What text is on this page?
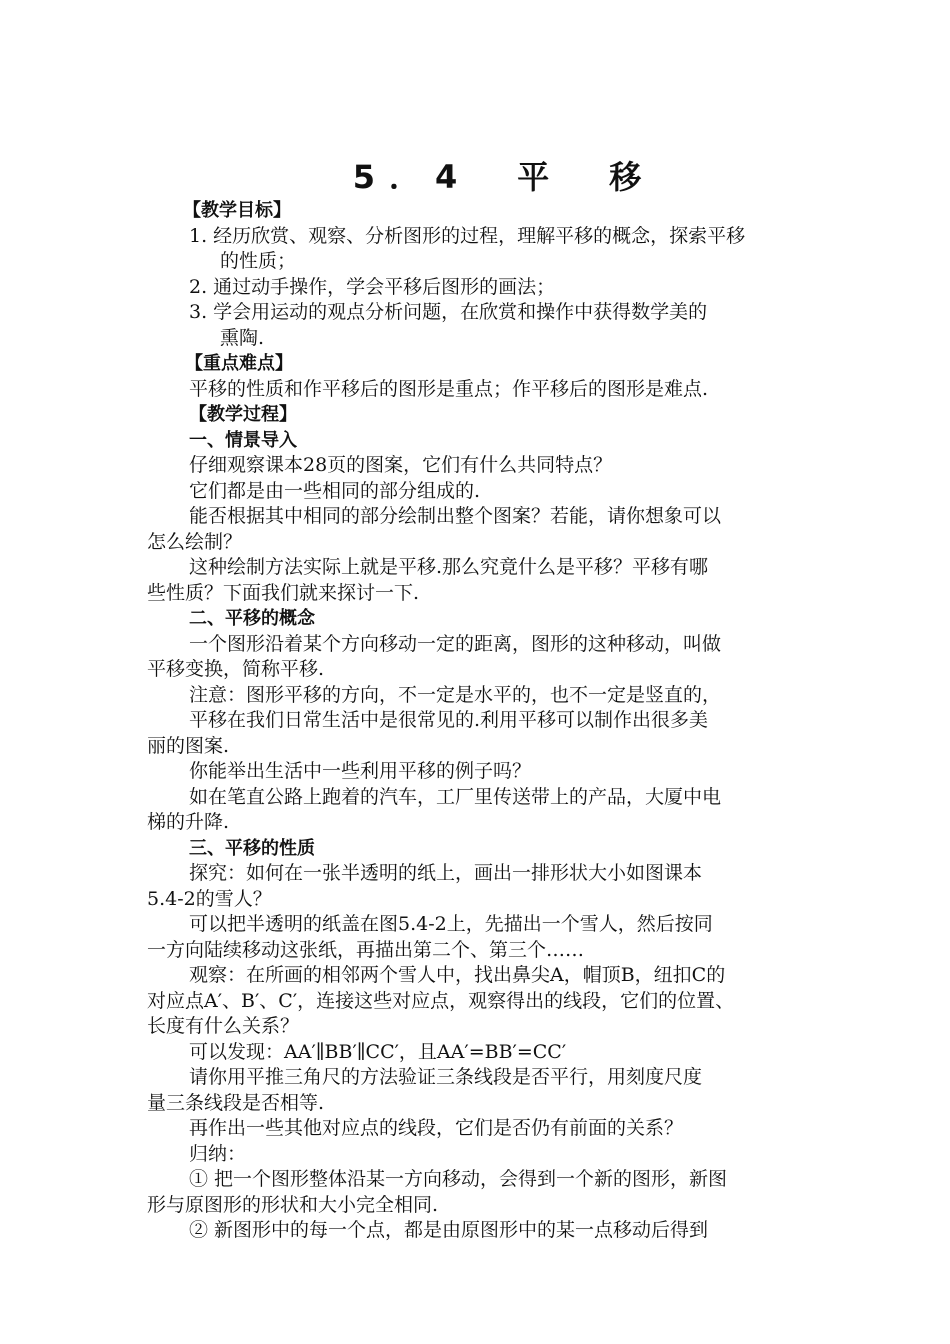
5．4　平　移
【教学目标】
1. 经历欣赏、观察、分析图形的过程，理解平移的概念，探索平移
的性质；
2. 通过动手操作，学会平移后图形的画法；
3. 学会用运动的观点分析问题，在欣赏和操作中获得数学美的
熏陶.
【重点难点】
平移的性质和作平移后的图形是重点；作平移后的图形是难点.
【教学过程】
一、情景导入
仔细观察课本28页的图案，它们有什么共同特点？
它们都是由一些相同的部分组成的.
能否根据其中相同的部分绘制出整个图案？若能，请你想象可以
怎么绘制？
这种绘制方法实际上就是平移.那么究竟什么是平移？平移有哪
些性质？下面我们就来探讨一下.
二、平移的概念
一个图形沿着某个方向移动一定的距离，图形的这种移动，叫做
平移变换，简称平移.
注意：图形平移的方向，不一定是水平的，也不一定是竖直的，
平移在我们日常生活中是很常见的.利用平移可以制作出很多美
丽的图案.
你能举出生活中一些利用平移的例子吗？
如在笔直公路上跑着的汽车，工厂里传送带上的产品，大厦中电
梯的升降.
三、平移的性质
探究：如何在一张半透明的纸上，画出一排形状大小如图课本
5.4-2的雪人？
可以把半透明的纸盖在图5.4-2上，先描出一个雪人，然后按同
一方向陆续移动这张纸，再描出第二个、第三个……
观察：在所画的相邻两个雪人中，找出鼻尖A，帽顶B，纽扣C的
对应点A′、B′、C′，连接这些对应点，观察得出的线段，它们的位置、
长度有什么关系？
可以发现：AA′∥BB′∥CC′，且AA′=BB′=CC′
请你用平推三角尺的方法验证三条线段是否平行，用刻度尺度
量三条线段是否相等.
再作出一些其他对应点的线段，它们是否仍有前面的关系？
归纳：
① 把一个图形整体沿某一方向移动，会得到一个新的图形，新图
形与原图形的形状和大小完全相同.
② 新图形中的每一个点，都是由原图形中的某一点移动后得到
